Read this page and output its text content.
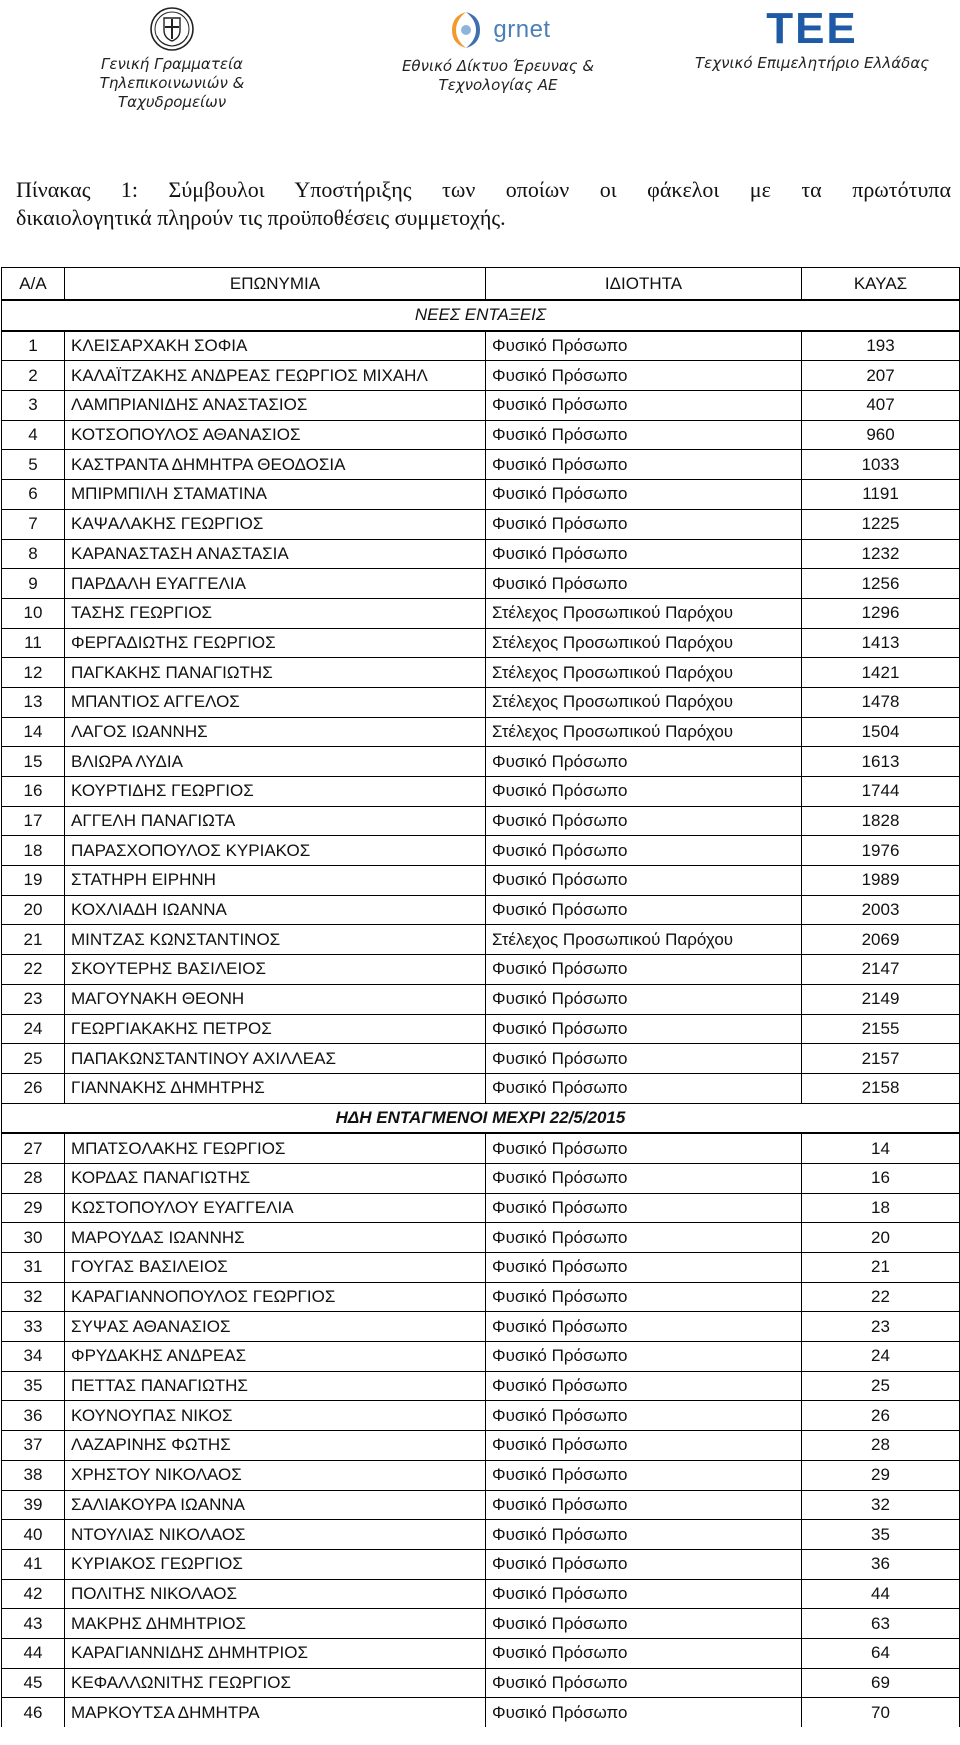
Γενική Γραμματεία
Τηλεπικοινωνιών & Ταχυδρομείων
grnet
Εθνικό Δίκτυο Έρευνας &
Τεχνολογίας ΑΕ
ΤΕΕ
Τεχνικό Επιμελητήριο Ελλάδας
Πίνακας 1: Σύμβουλοι Υποστήριξης των οποίων οι φάκελοι με τα πρωτότυπα
δικαιολογητικά πληρούν τις προϋποθέσεις συμμετοχής.
Α/Α	ΕΠΩΝΥΜΙΑ	ΙΔΙΟΤΗΤΑ	ΚΑΥΑΣ
ΝΕΕΣ ΕΝΤΑΞΕΙΣ			
1	ΚΛΕΙΣΑΡΧΑΚΗ ΣΟΦΙΑ	Φυσικό Πρόσωπο	193
2	ΚΑΛΑΪΤΖΑΚΗΣ ΑΝΔΡΕΑΣ ΓΕΩΡΓΙΟΣ ΜΙΧΑΗΛ	Φυσικό Πρόσωπο	207
3	ΛΑΜΠΡΙΑΝΙΔΗΣ ΑΝΑΣΤΑΣΙΟΣ	Φυσικό Πρόσωπο	407
4	ΚΟΤΣΟΠΟΥΛΟΣ ΑΘΑΝΑΣΙΟΣ	Φυσικό Πρόσωπο	960
5	ΚΑΣΤΡΑΝΤΑ ΔΗΜΗΤΡΑ ΘΕΟΔΟΣΙΑ	Φυσικό Πρόσωπο	1033
6	ΜΠΙΡΜΠΙΛΗ ΣΤΑΜΑΤΙΝΑ	Φυσικό Πρόσωπο	1191
7	ΚΑΨΑΛΑΚΗΣ ΓΕΩΡΓΙΟΣ	Φυσικό Πρόσωπο	1225
8	ΚΑΡΑΝΑΣΤΑΣΗ ΑΝΑΣΤΑΣΙΑ	Φυσικό Πρόσωπο	1232
9	ΠΑΡΔΑΛΗ ΕΥΑΓΓΕΛΙΑ	Φυσικό Πρόσωπο	1256
10	ΤΑΣΗΣ ΓΕΩΡΓΙΟΣ	Στέλεχος Προσωπικού Παρόχου	1296
11	ΦΕΡΓΑΔΙΩΤΗΣ ΓΕΩΡΓΙΟΣ	Στέλεχος Προσωπικού Παρόχου	1413
12	ΠΑΓΚΑΚΗΣ ΠΑΝΑΓΙΩΤΗΣ	Στέλεχος Προσωπικού Παρόχου	1421
13	ΜΠΑΝΤΙΟΣ ΑΓΓΕΛΟΣ	Στέλεχος Προσωπικού Παρόχου	1478
14	ΛΑΓΟΣ ΙΩΑΝΝΗΣ	Στέλεχος Προσωπικού Παρόχου	1504
15	ΒΛΙΩΡΑ ΛΥΔΙΑ	Φυσικό Πρόσωπο	1613
16	ΚΟΥΡΤΙΔΗΣ ΓΕΩΡΓΙΟΣ	Φυσικό Πρόσωπο	1744
17	ΑΓΓΕΛΗ ΠΑΝΑΓΙΩΤΑ	Φυσικό Πρόσωπο	1828
18	ΠΑΡΑΣΧΟΠΟΥΛΟΣ ΚΥΡΙΑΚΟΣ	Φυσικό Πρόσωπο	1976
19	ΣΤΑΤΗΡΗ ΕΙΡΗΝΗ	Φυσικό Πρόσωπο	1989
20	ΚΟΧΛΙΑΔΗ ΙΩΑΝΝΑ	Φυσικό Πρόσωπο	2003
21	ΜΙΝΤΖΑΣ ΚΩΝΣΤΑΝΤΙΝΟΣ	Στέλεχος Προσωπικού Παρόχου	2069
22	ΣΚΟΥΤΕΡΗΣ ΒΑΣΙΛΕΙΟΣ	Φυσικό Πρόσωπο	2147
23	ΜΑΓΟΥΝΑΚΗ ΘΕΟΝΗ	Φυσικό Πρόσωπο	2149
24	ΓΕΩΡΓΙΑΚΑΚΗΣ ΠΕΤΡΟΣ	Φυσικό Πρόσωπο	2155
25	ΠΑΠΑΚΩΝΣΤΑΝΤΙΝΟΥ ΑΧΙΛΛΕΑΣ	Φυσικό Πρόσωπο	2157
26	ΓΙΑΝΝΑΚΗΣ ΔΗΜΗΤΡΗΣ	Φυσικό Πρόσωπο	2158
ΗΔΗ ΕΝΤΑΓΜΕΝΟΙ ΜΕΧΡΙ 22/5/2015			
27	ΜΠΑΤΣΟΛΑΚΗΣ ΓΕΩΡΓΙΟΣ	Φυσικό Πρόσωπο	14
28	ΚΟΡΔΑΣ ΠΑΝΑΓΙΩΤΗΣ	Φυσικό Πρόσωπο	16
29	ΚΩΣΤΟΠΟΥΛΟΥ ΕΥΑΓΓΕΛΙΑ	Φυσικό Πρόσωπο	18
30	ΜΑΡΟΥΔΑΣ ΙΩΑΝΝΗΣ	Φυσικό Πρόσωπο	20
31	ΓΟΥΓΑΣ ΒΑΣΙΛΕΙΟΣ	Φυσικό Πρόσωπο	21
32	ΚΑΡΑΓΙΑΝΝΟΠΟΥΛΟΣ ΓΕΩΡΓΙΟΣ	Φυσικό Πρόσωπο	22
33	ΣΥΨΑΣ ΑΘΑΝΑΣΙΟΣ	Φυσικό Πρόσωπο	23
34	ΦΡΥΔΑΚΗΣ ΑΝΔΡΕΑΣ	Φυσικό Πρόσωπο	24
35	ΠΕΤΤΑΣ ΠΑΝΑΓΙΩΤΗΣ	Φυσικό Πρόσωπο	25
36	ΚΟΥΝΟΥΠΑΣ ΝΙΚΟΣ	Φυσικό Πρόσωπο	26
37	ΛΑΖΑΡΙΝΗΣ ΦΩΤΗΣ	Φυσικό Πρόσωπο	28
38	ΧΡΗΣΤΟΥ ΝΙΚΟΛΑΟΣ	Φυσικό Πρόσωπο	29
39	ΣΑΛΙΑΚΟΥΡΑ ΙΩΑΝΝΑ	Φυσικό Πρόσωπο	32
40	ΝΤΟΥΛΙΑΣ ΝΙΚΟΛΑΟΣ	Φυσικό Πρόσωπο	35
41	ΚΥΡΙΑΚΟΣ ΓΕΩΡΓΙΟΣ	Φυσικό Πρόσωπο	36
42	ΠΟΛΙΤΗΣ ΝΙΚΟΛΑΟΣ	Φυσικό Πρόσωπο	44
43	ΜΑΚΡΗΣ ΔΗΜΗΤΡΙΟΣ	Φυσικό Πρόσωπο	63
44	ΚΑΡΑΓΙΑΝΝΙΔΗΣ ΔΗΜΗΤΡΙΟΣ	Φυσικό Πρόσωπο	64
45	ΚΕΦΑΛΛΩΝΙΤΗΣ ΓΕΩΡΓΙΟΣ	Φυσικό Πρόσωπο	69
46	ΜΑΡΚΟΥΤΣΑ ΔΗΜΗΤΡΑ	Φυσικό Πρόσωπο	70
